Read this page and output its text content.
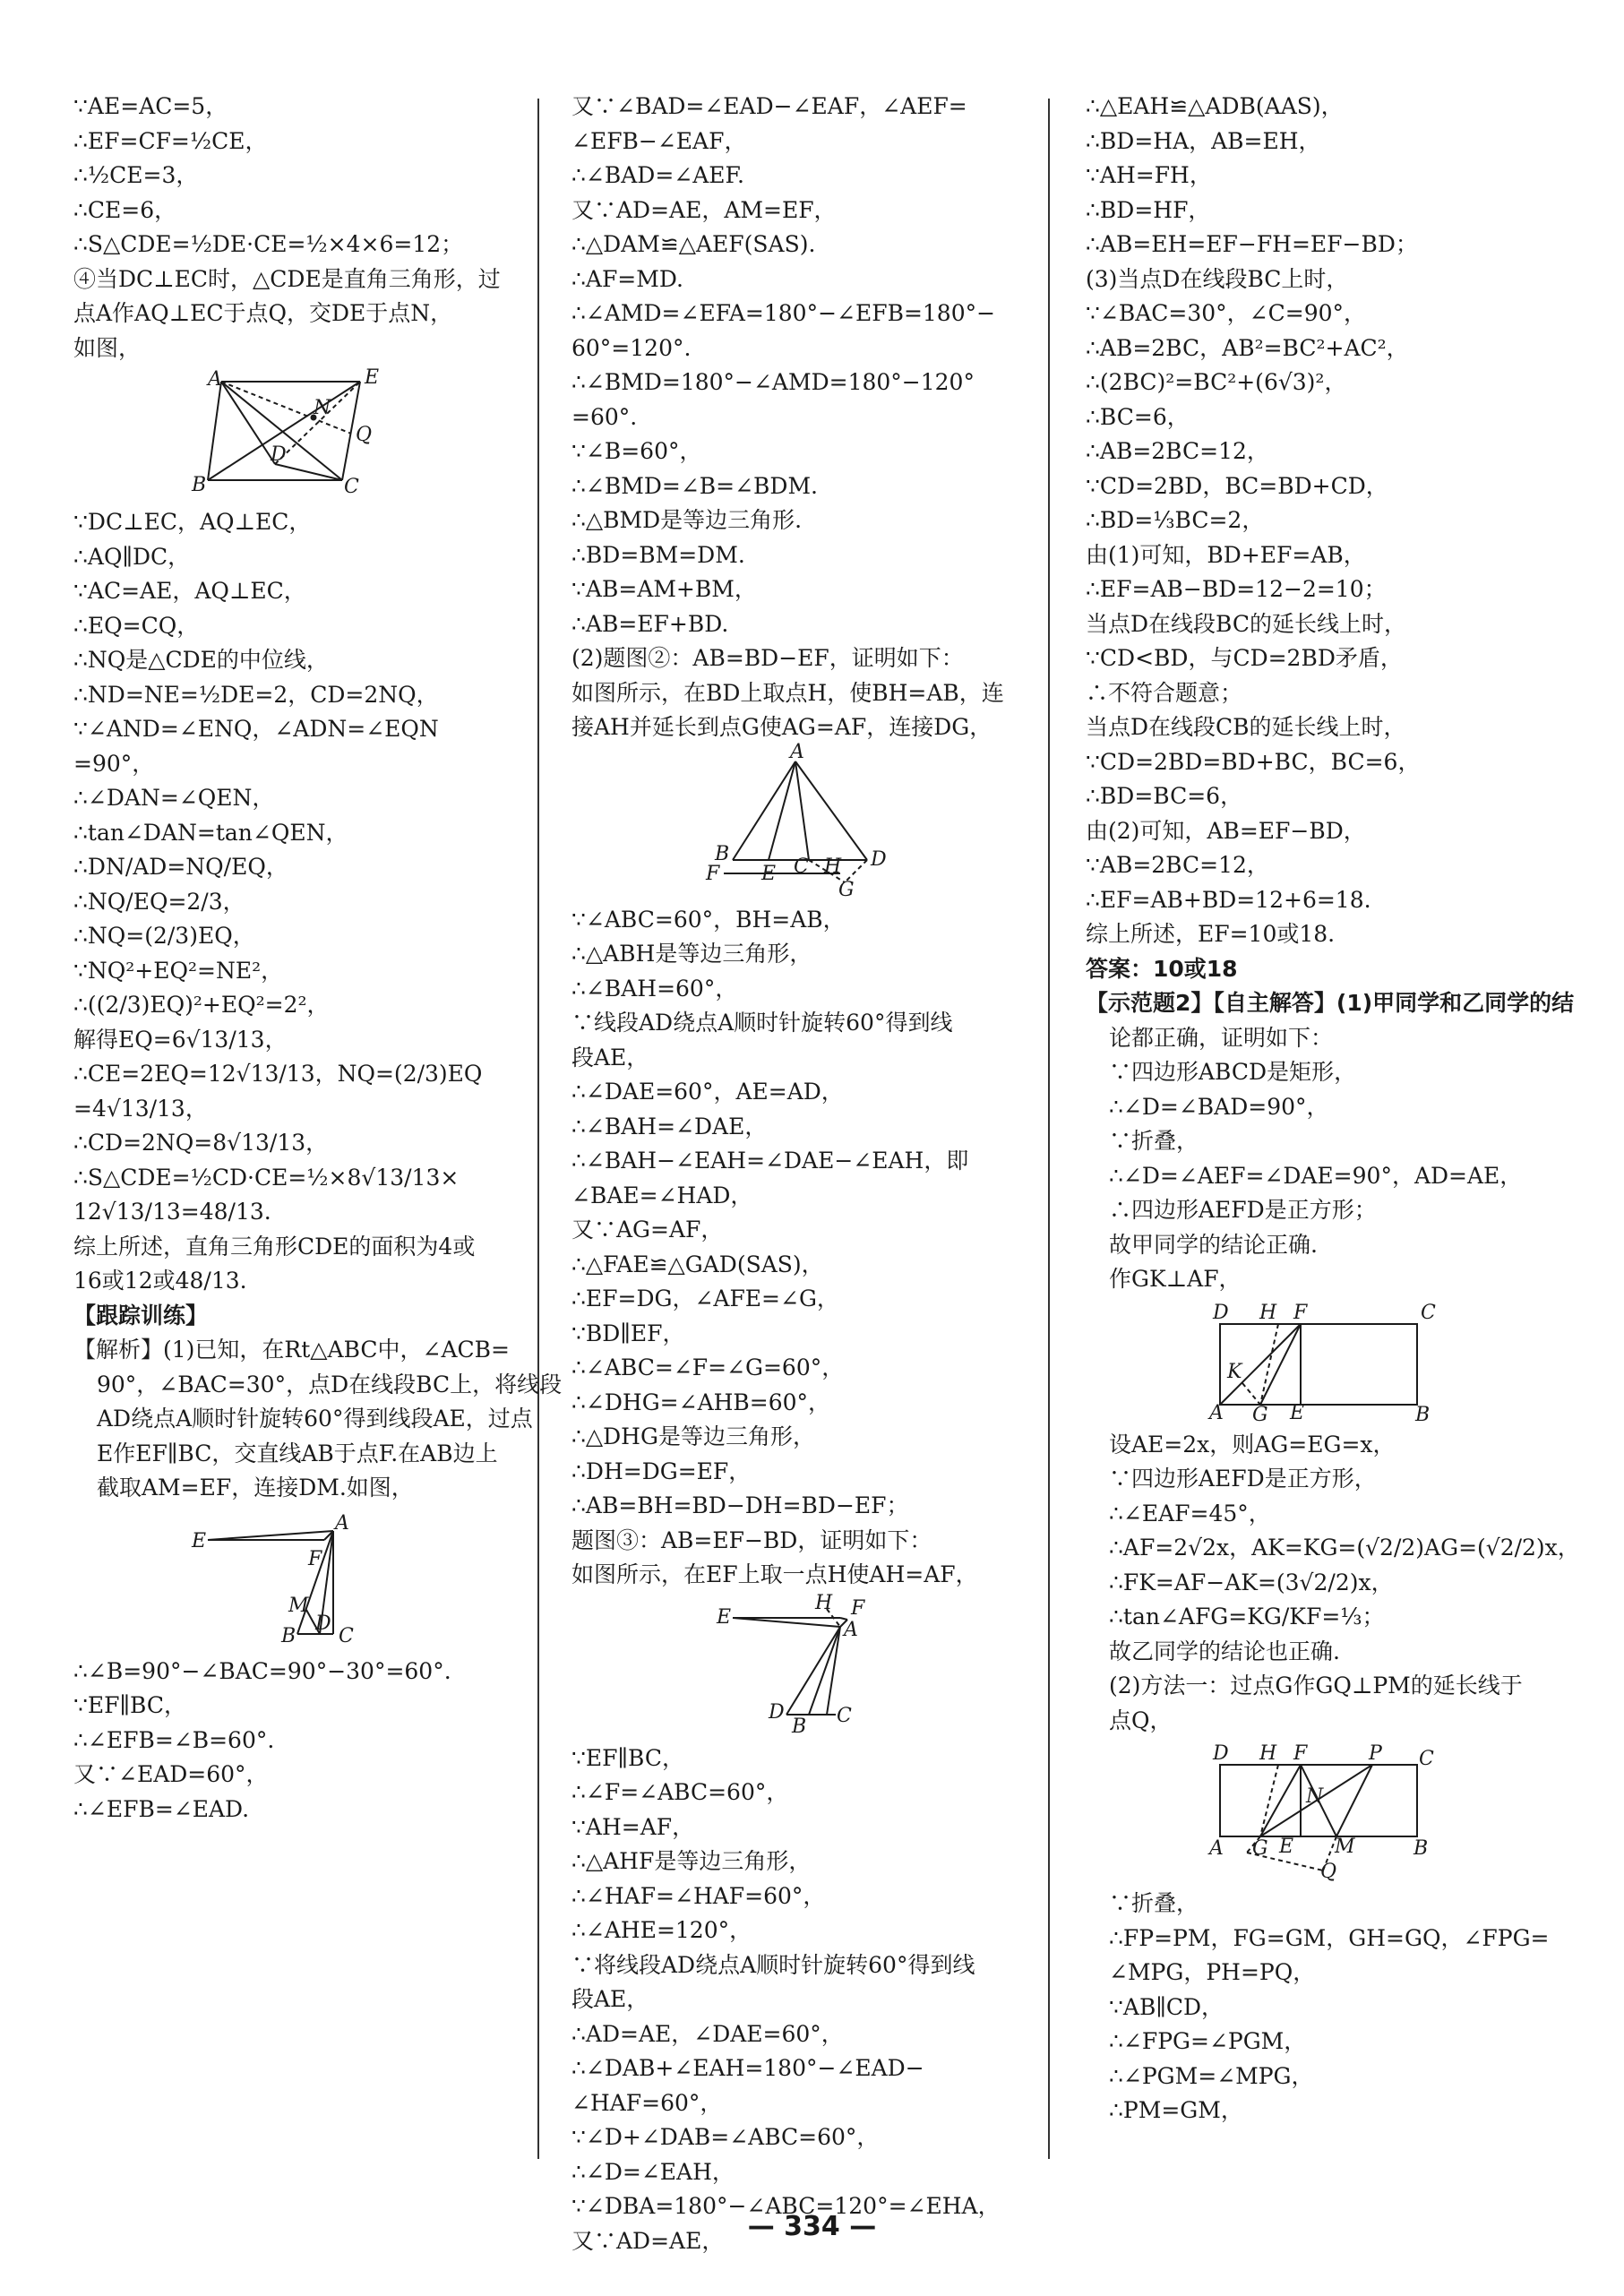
∵AE=AC=5，
∴EF=CF=½CE，
∴½CE=3，
∴CE=6，
∴S△CDE=½DE·CE=½×4×6=12；
④当DC⊥EC时，△CDE是直角三角形，过
点A作AQ⊥EC于点Q，交DE于点N，
如图，
A	E
N
Q
D
B	C
∵DC⊥EC，AQ⊥EC，
∴AQ∥DC，
∵AC=AE，AQ⊥EC，
∴EQ=CQ，
∴NQ是△CDE的中位线，
∴ND=NE=½DE=2，CD=2NQ，
∵∠AND=∠ENQ，∠ADN=∠EQN
=90°，
∴∠DAN=∠QEN，
∴tan∠DAN=tan∠QEN，
∴DN/AD=NQ/EQ，
∴NQ/EQ=2/3，
∴NQ=(2/3)EQ，
∵NQ²+EQ²=NE²，
∴((2/3)EQ)²+EQ²=2²，
解得EQ=6√13/13，
∴CE=2EQ=12√13/13，NQ=(2/3)EQ
=4√13/13，
∴CD=2NQ=8√13/13，
∴S△CDE=½CD·CE=½×8√13/13×
12√13/13=48/13.
综上所述，直角三角形CDE的面积为4或
16或12或48/13.
【跟踪训练】
【解析】(1)已知，在Rt△ABC中，∠ACB=
90°，∠BAC=30°，点D在线段BC上，将线段
AD绕点A顺时针旋转60°得到线段AE，过点
E作EF∥BC，交直线AB于点F.在AB边上
截取AM=EF，连接DM.如图，
A
E
F
M
B
D
C
∴∠B=90°−∠BAC=90°−30°=60°.
∵EF∥BC，
∴∠EFB=∠B=60°.
又∵∠EAD=60°，
∴∠EFB=∠EAD.
又∵∠BAD=∠EAD−∠EAF，∠AEF=
∠EFB−∠EAF，
∴∠BAD=∠AEF.
又∵AD=AE，AM=EF，
∴△DAM≌△AEF(SAS).
∴AF=MD.
∴∠AMD=∠EFA=180°−∠EFB=180°−
60°=120°.
∴∠BMD=180°−∠AMD=180°−120°
=60°.
∵∠B=60°，
∴∠BMD=∠B=∠BDM.
∴△BMD是等边三角形.
∴BD=BM=DM.
∵AB=AM+BM，
∴AB=EF+BD.
(2)题图②：AB=BD−EF，证明如下：
如图所示，在BD上取点H，使BH=AB，连
接AH并延长到点G使AG=AF，连接DG，
A
B
F E C H D
G
∵∠ABC=60°，BH=AB，
∴△ABH是等边三角形，
∴∠BAH=60°，
∵线段AD绕点A顺时针旋转60°得到线
段AE，
∴∠DAE=60°，AE=AD，
∴∠BAH=∠DAE，
∴∠BAH−∠EAH=∠DAE−∠EAH，即
∠BAE=∠HAD，
又∵AG=AF，
∴△FAE≌△GAD(SAS)，
∴EF=DG，∠AFE=∠G，
∵BD∥EF，
∴∠ABC=∠F=∠G=60°，
∴∠DHG=∠AHB=60°，
∴△DHG是等边三角形，
∴DH=DG=EF，
∴AB=BH=BD−DH=BD−EF；
题图③：AB=EF−BD，证明如下：
如图所示，在EF上取一点H使AH=AF，
E
H F
A
D
B C
∵EF∥BC，
∴∠F=∠ABC=60°，
∵AH=AF，
∴△AHF是等边三角形，
∴∠HAF=∠HAF=60°，
∴∠AHE=120°，
∵将线段AD绕点A顺时针旋转60°得到线
段AE，
∴AD=AE，∠DAE=60°，
∴∠DAB+∠EAH=180°−∠EAD−
∠HAF=60°，
∵∠D+∠DAB=∠ABC=60°，
∴∠D=∠EAH，
∵∠DBA=180°−∠ABC=120°=∠EHA，
又∵AD=AE，
∴△EAH≌△ADB(AAS)，
∴BD=HA，AB=EH，
∵AH=FH，
∴BD=HF，
∴AB=EH=EF−FH=EF−BD；
(3)当点D在线段BC上时，
∵∠BAC=30°，∠C=90°，
∴AB=2BC，AB²=BC²+AC²，
∴(2BC)²=BC²+(6√3)²，
∴BC=6，
∴AB=2BC=12，
∵CD=2BD，BC=BD+CD，
∴BD=⅓BC=2，
由(1)可知，BD+EF=AB，
∴EF=AB−BD=12−2=10；
当点D在线段BC的延长线上时，
∵CD<BD，与CD=2BD矛盾，
∴不符合题意；
当点D在线段CB的延长线上时，
∵CD=2BD=BD+BC，BC=6，
∴BD=BC=6，
由(2)可知，AB=EF−BD，
∵AB=2BC=12，
∴EF=AB+BD=12+6=18.
综上所述，EF=10或18.
答案：10或18
【示范题2】【自主解答】(1)甲同学和乙同学的结
论都正确，证明如下：
∵四边形ABCD是矩形，
∴∠D=∠BAD=90°，
∵折叠，
∴∠D=∠AEF=∠DAE=90°，AD=AE，
∴四边形AEFD是正方形；
故甲同学的结论正确.
作GK⊥AF，
D H F	C
K
A G E	B
设AE=2x，则AG=EG=x，
∵四边形AEFD是正方形，
∴∠EAF=45°，
∴AF=2√2x，AK=KG=(√2/2)AG=(√2/2)x，
∴FK=AF−AK=(3√2/2)x，
∴tan∠AFG=KG/KF=⅓；
故乙同学的结论也正确.
(2)方法一：过点G作GQ⊥PM的延长线于
点Q，
D H F	P C
N
A G E M	B
Q
∵折叠，
∴FP=PM，FG=GM，GH=GQ，∠FPG=
∠MPG，PH=PQ，
∵AB∥CD，
∴∠FPG=∠PGM，
∴∠PGM=∠MPG，
∴PM=GM，
— 334 —
